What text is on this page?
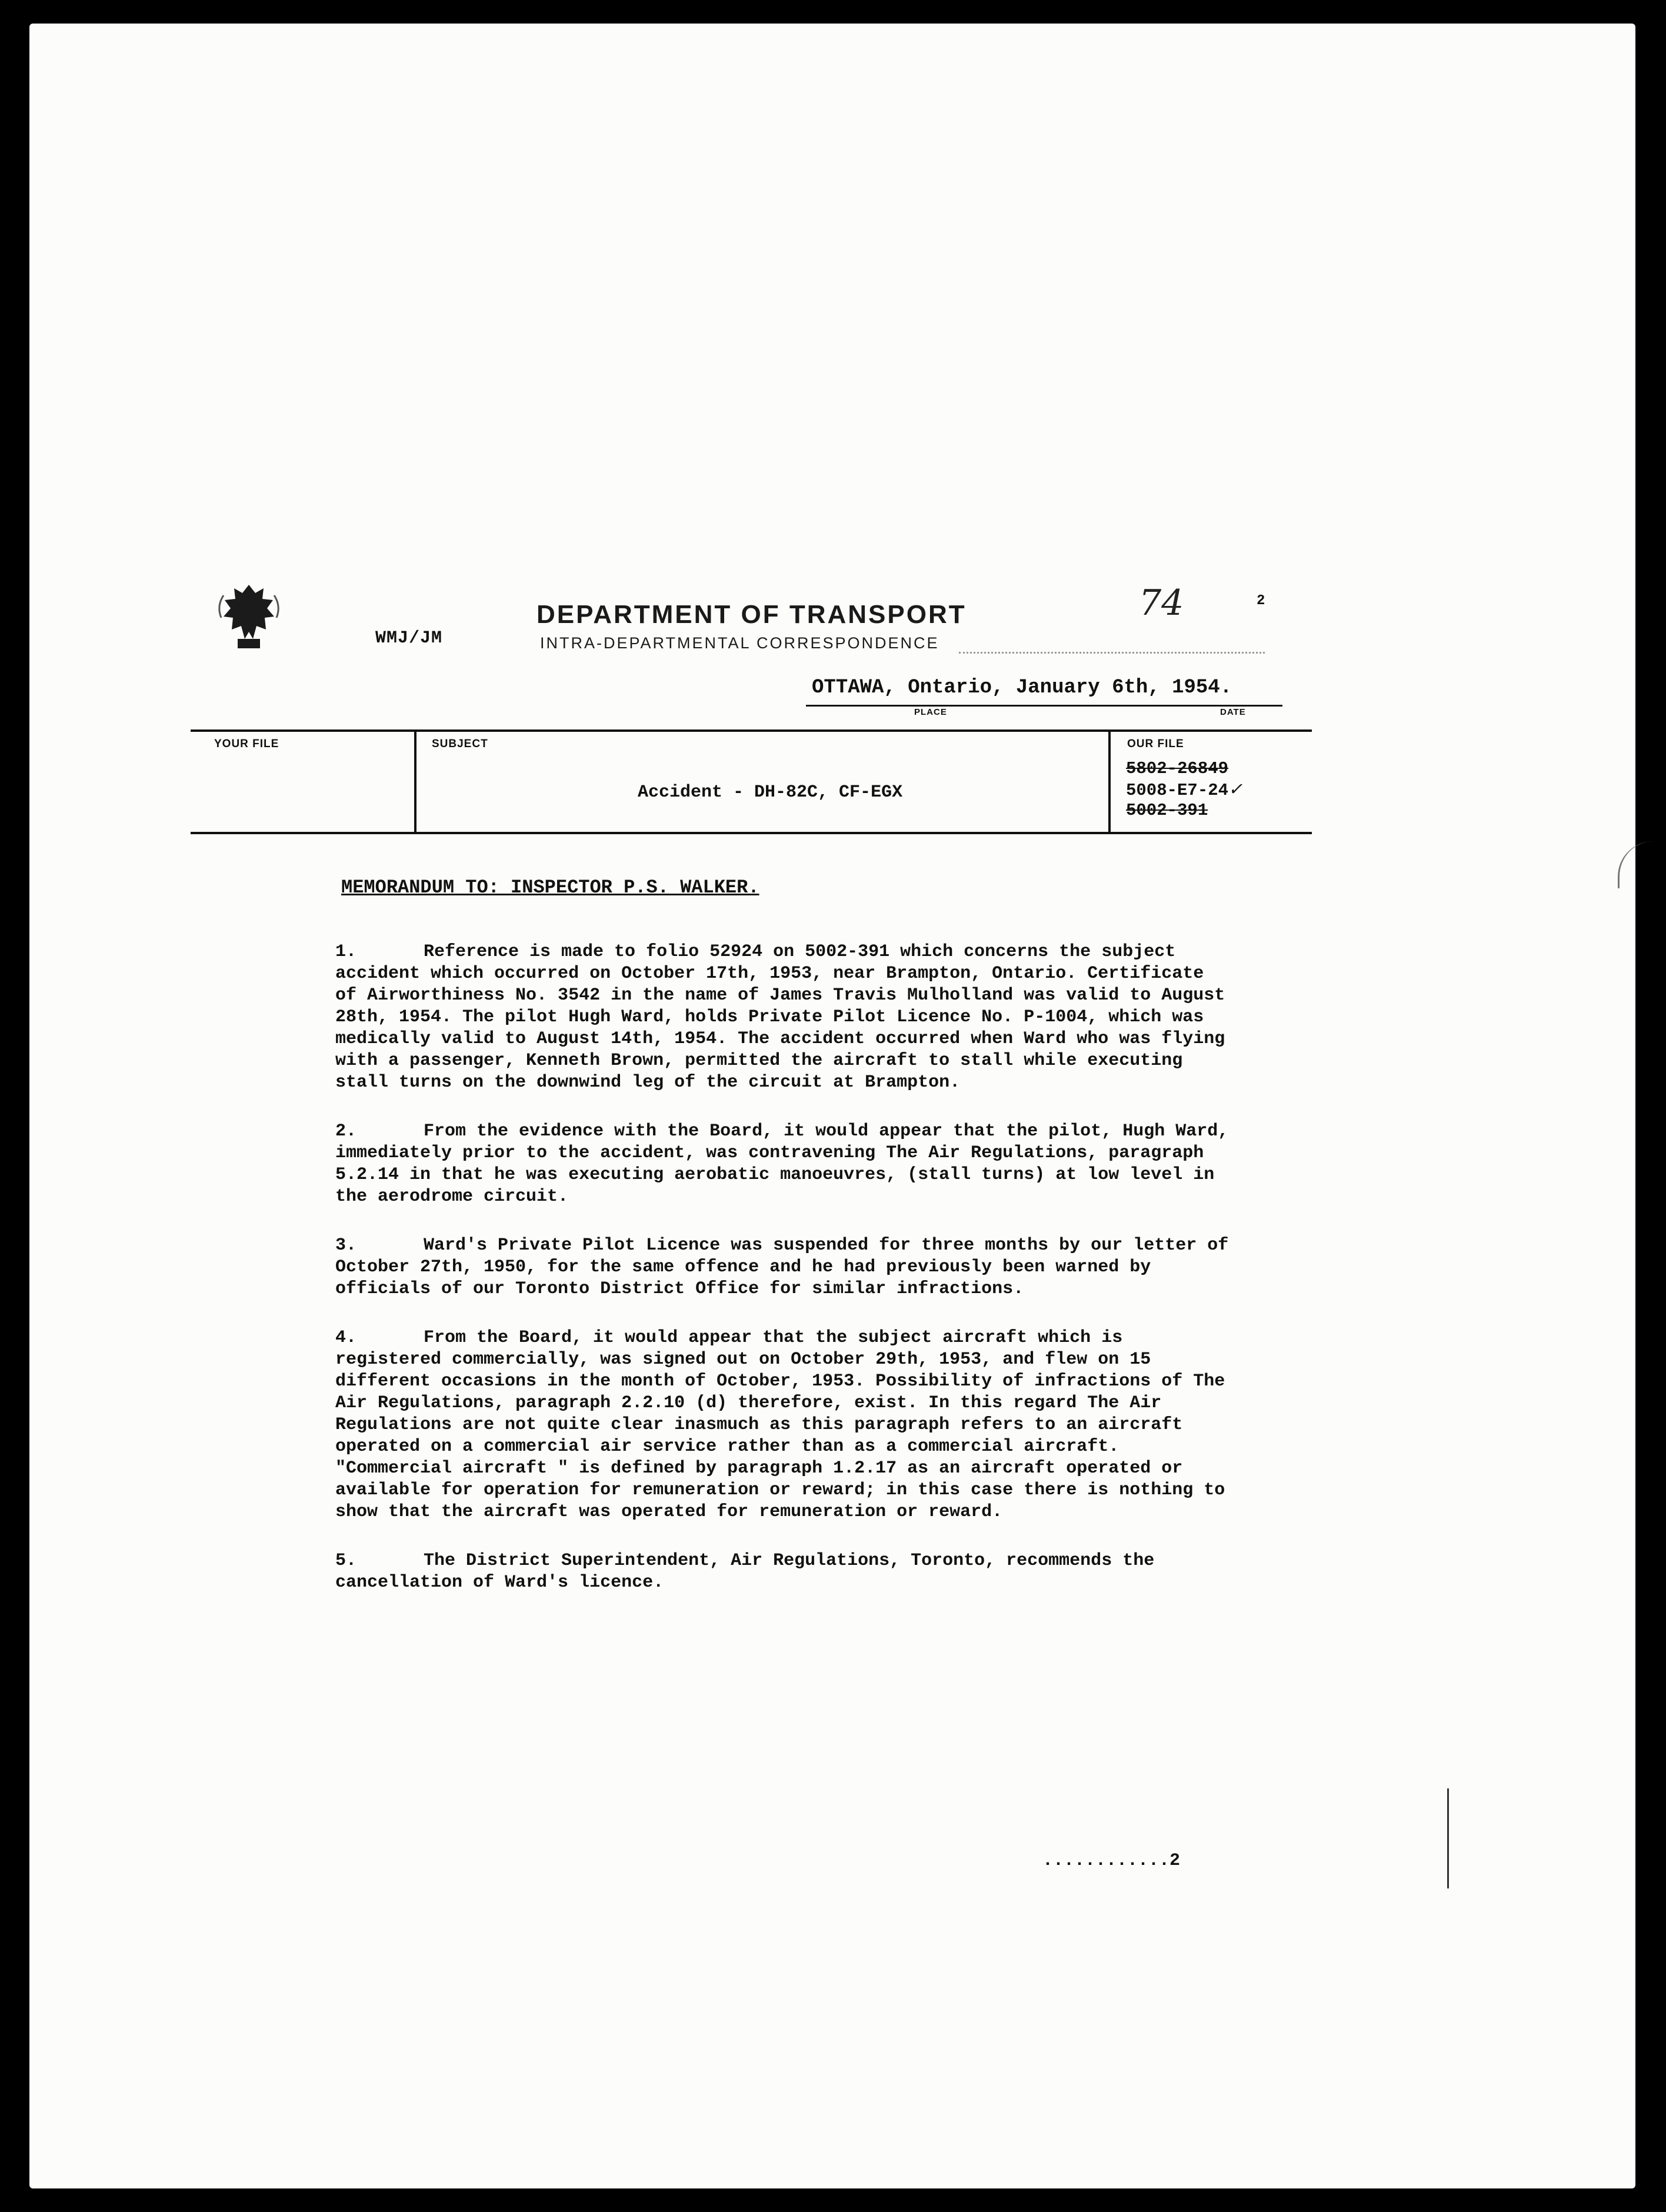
WMJ/JM
DEPARTMENT OF TRANSPORT
INTRA-DEPARTMENTAL CORRESPONDENCE
74	2
OTTAWA, Ontario, January 6th, 1954.
PLACE	DATE
YOUR FILE	SUBJECT	OUR FILE
Accident - DH-82C, CF-EGX
5802-26849
5008-E7-24✓
5002-391
MEMORANDUM TO: INSPECTOR P.S. WALKER.

1.	Reference is made to folio 52924 on 5002-391 which concerns the subject accident which occurred on October 17th, 1953, near Brampton, Ontario. Certificate of Airworthiness No. 3542 in the name of James Travis Mulholland was valid to August 28th, 1954. The pilot Hugh Ward, holds Private Pilot Licence No. P-1004, which was medically valid to August 14th, 1954. The accident occurred when Ward who was flying with a passenger, Kenneth Brown, permitted the aircraft to stall while executing stall turns on the downwind leg of the circuit at Brampton.

2.	From the evidence with the Board, it would appear that the pilot, Hugh Ward, immediately prior to the accident, was contravening The Air Regulations, paragraph 5.2.14 in that he was executing aerobatic manoeuvres, (stall turns) at low level in the aerodrome circuit.

3.	Ward's Private Pilot Licence was suspended for three months by our letter of October 27th, 1950, for the same offence and he had previously been warned by officials of our Toronto District Office for similar infractions.

4.	From the Board, it would appear that the subject aircraft which is registered commercially, was signed out on October 29th, 1953, and flew on 15 different occasions in the month of October, 1953. Possibility of infractions of The Air Regulations, paragraph 2.2.10 (d) therefore, exist. In this regard The Air Regulations are not quite clear inasmuch as this paragraph refers to an aircraft operated on a commercial air service rather than as a commercial aircraft. "Commercial aircraft " is defined by paragraph 1.2.17 as an aircraft operated or available for operation for remuneration or reward; in this case there is nothing to show that the aircraft was operated for remuneration or reward.

5.	The District Superintendent, Air Regulations, Toronto, recommends the cancellation of Ward's licence.

............2
